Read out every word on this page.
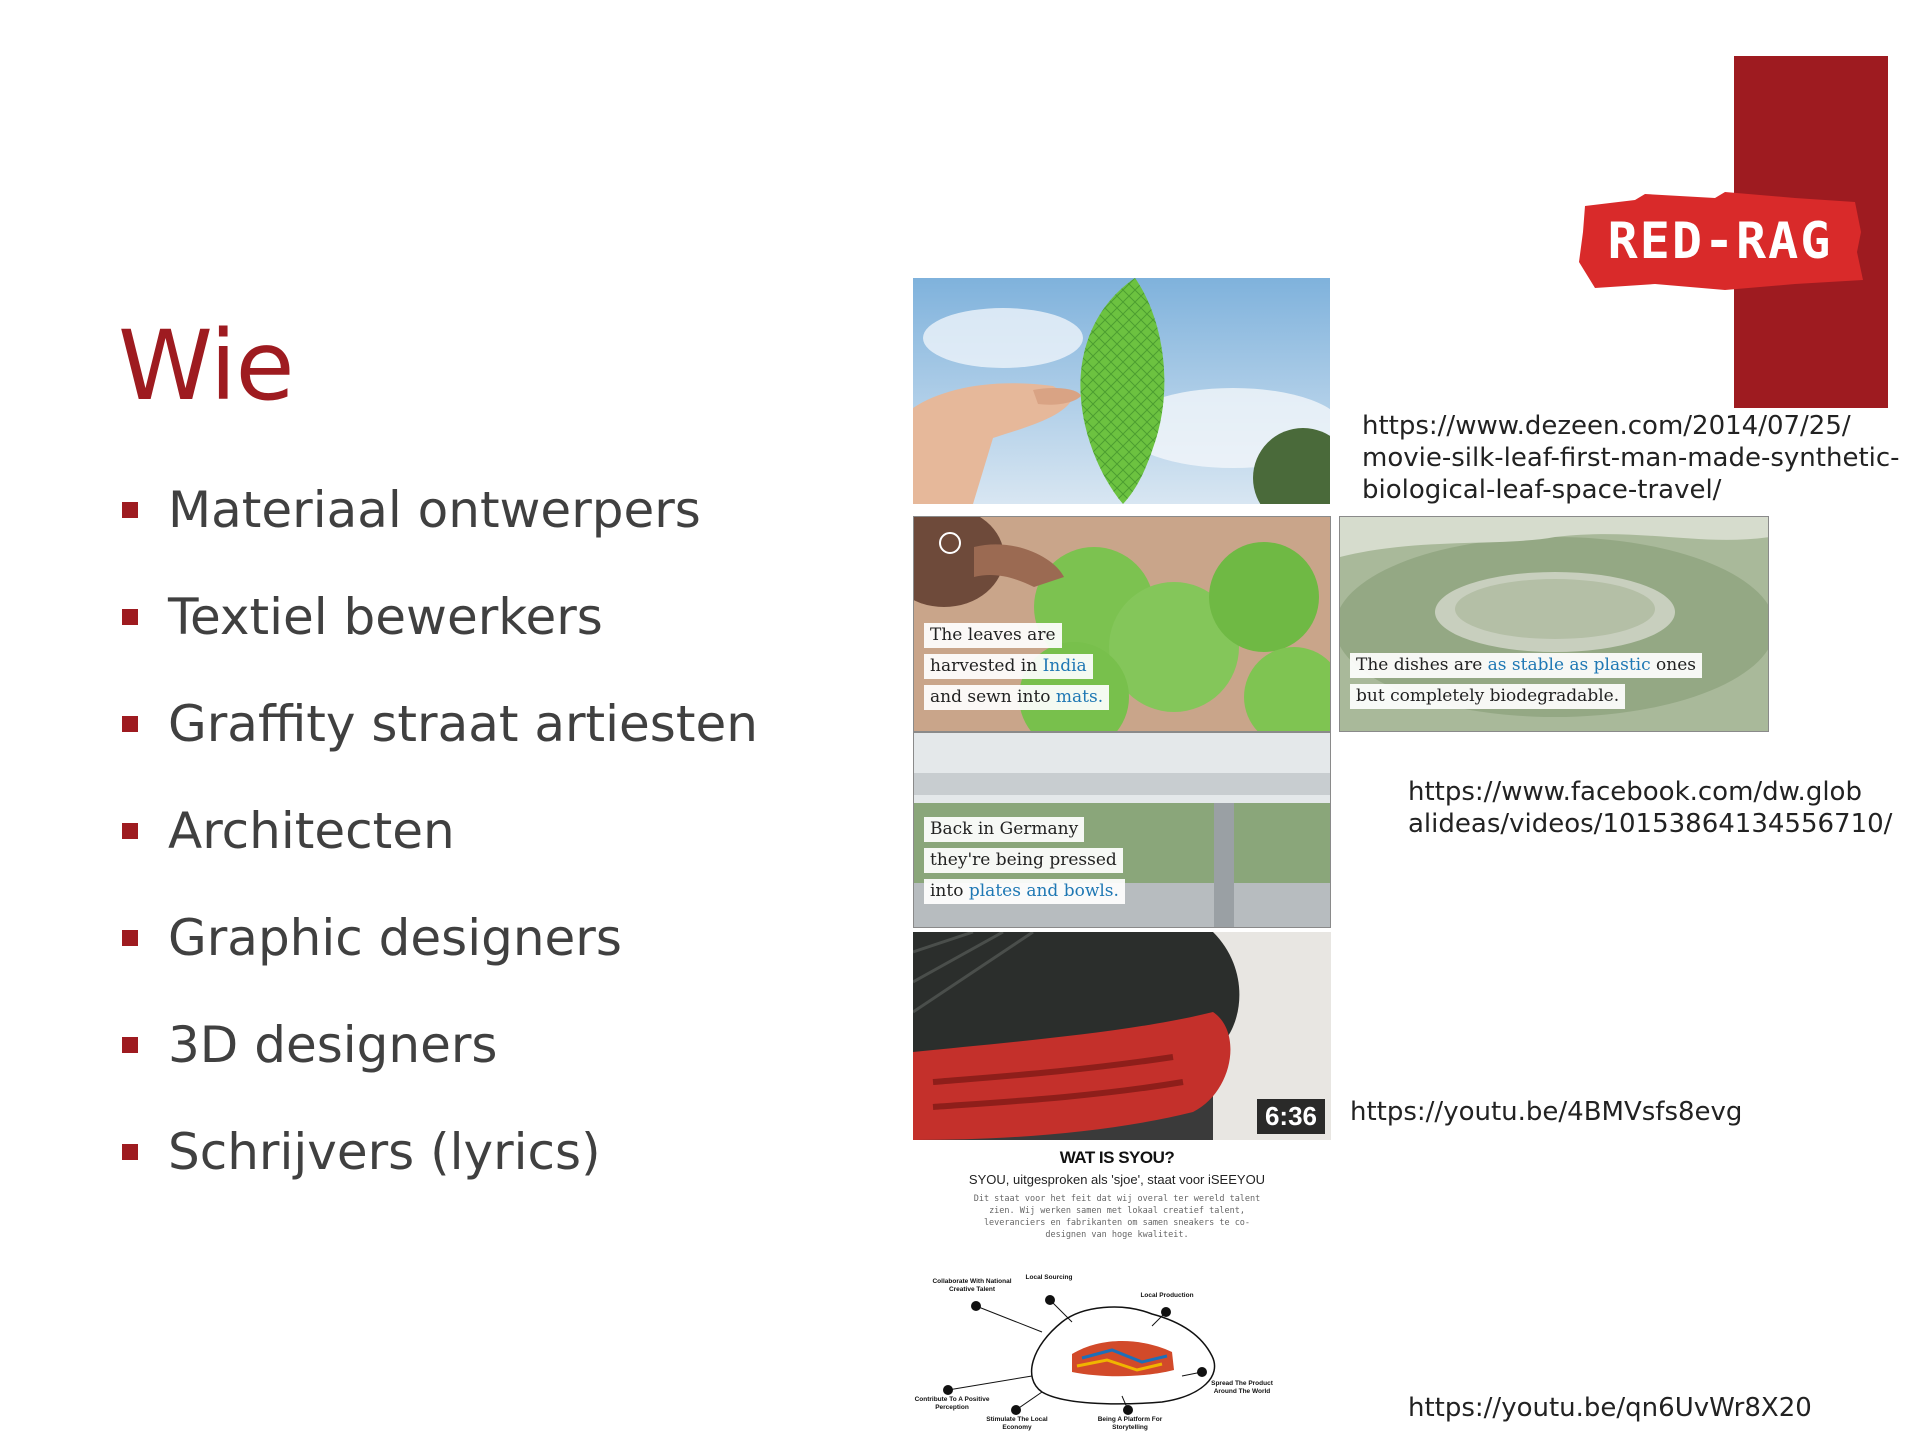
RED-RAG
Wie
Materiaal ontwerpers
Textiel bewerkers
Graffity straat artiesten
Architecten
Graphic designers
3D designers
Schrijvers (lyrics)
https://www.dezeen.com/2014/07/25/
movie-silk-leaf-first-man-made-synthetic-
biological-leaf-space-travel/
The leaves are
harvested in India
and sewn into mats.
The dishes are as stable as plastic ones
but completely biodegradable.
Back in Germany
they're being pressed
into plates and bowls.
https://www.facebook.com/dw.glob
alideas/videos/10153864134556710/
6:36	https://youtu.be/4BMVsfs8evg
WAT IS SYOU?
SYOU, uitgesproken als 'sjoe', staat voor iSEEYOU
Dit staat voor het feit dat wij overal ter wereld talent zien. Wij werken samen met lokaal creatief talent, leveranciers en fabrikanten om samen sneakers te co-designen van hoge kwaliteit.
Collaborate With National Creative Talent
Local Sourcing
Local Production
Spread The Product Around The World
Being A Platform For Storytelling
Stimulate The Local Economy
Contribute To A Positive Perception	https://youtu.be/qn6UvWr8X20
